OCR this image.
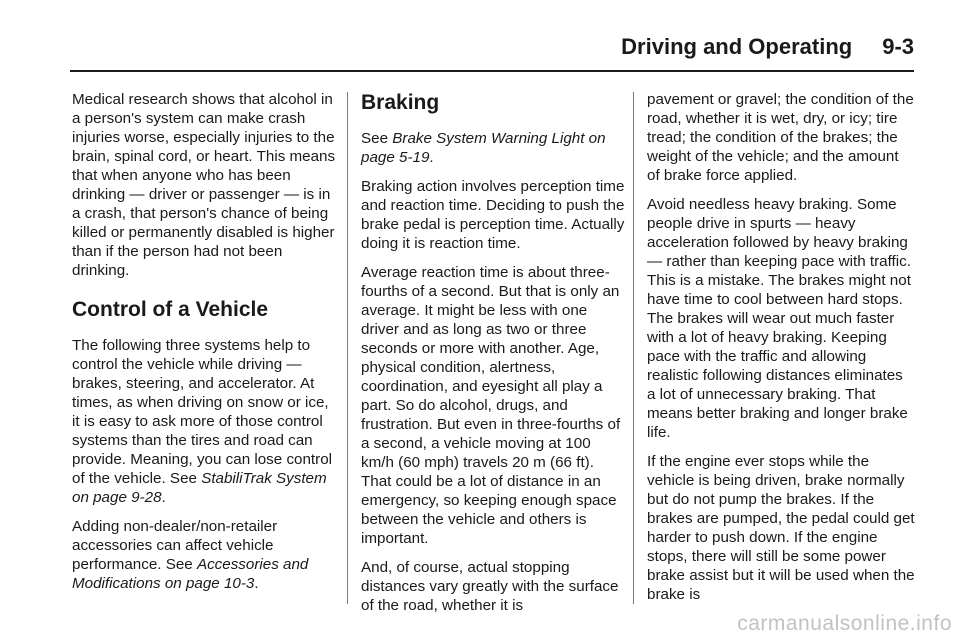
Driving and Operating 9-3

Medical research shows that alcohol in a person's system can make crash injuries worse, especially injuries to the brain, spinal cord, or heart. This means that when anyone who has been drinking — driver or passenger — is in a crash, that person's chance of being killed or permanently disabled is higher than if the person had not been drinking.

Control of a Vehicle

The following three systems help to control the vehicle while driving — brakes, steering, and accelerator. At times, as when driving on snow or ice, it is easy to ask more of those control systems than the tires and road can provide. Meaning, you can lose control of the vehicle. See StabiliTrak System on page 9-28.

Adding non-dealer/non-retailer accessories can affect vehicle performance. See Accessories and Modifications on page 10-3.

Braking

See Brake System Warning Light on page 5-19.

Braking action involves perception time and reaction time. Deciding to push the brake pedal is perception time. Actually doing it is reaction time.

Average reaction time is about three-fourths of a second. But that is only an average. It might be less with one driver and as long as two or three seconds or more with another. Age, physical condition, alertness, coordination, and eyesight all play a part. So do alcohol, drugs, and frustration. But even in three-fourths of a second, a vehicle moving at 100 km/h (60 mph) travels 20 m (66 ft). That could be a lot of distance in an emergency, so keeping enough space between the vehicle and others is important.

And, of course, actual stopping distances vary greatly with the surface of the road, whether it is

pavement or gravel; the condition of the road, whether it is wet, dry, or icy; tire tread; the condition of the brakes; the weight of the vehicle; and the amount of brake force applied.

Avoid needless heavy braking. Some people drive in spurts — heavy acceleration followed by heavy braking — rather than keeping pace with traffic. This is a mistake. The brakes might not have time to cool between hard stops. The brakes will wear out much faster with a lot of heavy braking. Keeping pace with the traffic and allowing realistic following distances eliminates a lot of unnecessary braking. That means better braking and longer brake life.

If the engine ever stops while the vehicle is being driven, brake normally but do not pump the brakes. If the brakes are pumped, the pedal could get harder to push down. If the engine stops, there will still be some power brake assist but it will be used when the brake is

carmanualsonline.info
